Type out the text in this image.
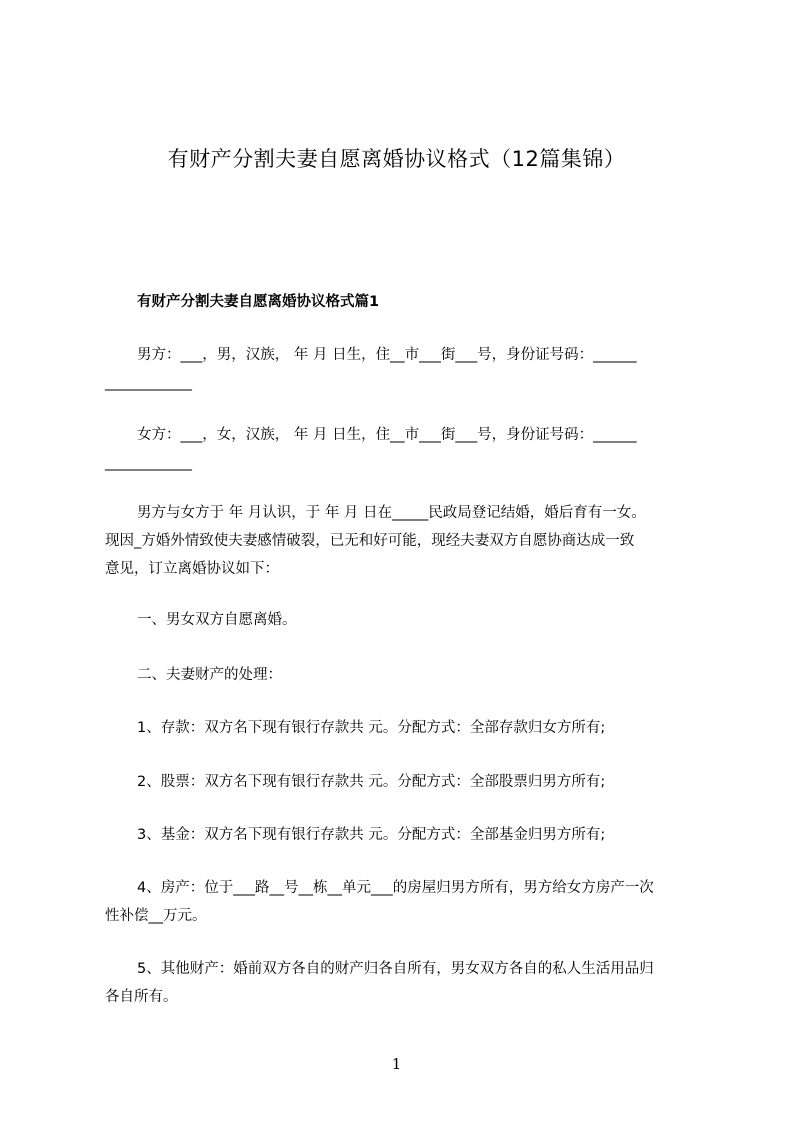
有财产分割夫妻自愿离婚协议格式（12篇集锦）
有财产分割夫妻自愿离婚协议格式篇1
男方：___，男，汉族， 年 月 日生，住__市___街___号，身份证号码：______
____________
女方：___，女，汉族， 年 月 日生，住__市___街___号，身份证号码：______
____________
男方与女方于 年 月认识，于 年 月 日在_____民政局登记结婚，婚后育有一女。
现因_方婚外情致使夫妻感情破裂，已无和好可能，现经夫妻双方自愿协商达成一致
意见，订立离婚协议如下：
一、男女双方自愿离婚。
二、夫妻财产的处理：
1、存款：双方名下现有银行存款共 元。分配方式：全部存款归女方所有;
2、股票：双方名下现有银行存款共 元。分配方式：全部股票归男方所有;
3、基金：双方名下现有银行存款共 元。分配方式：全部基金归男方所有;
4、房产：位于___路__号__栋__单元___的房屋归男方所有，男方给女方房产一次
性补偿__万元。
5、其他财产：婚前双方各自的财产归各自所有，男女双方各自的私人生活用品归
各自所有。
1
